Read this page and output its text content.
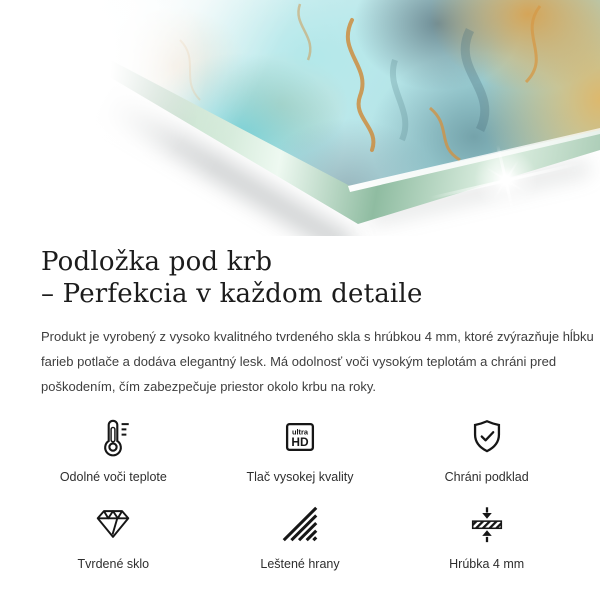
Podložka pod krb
– Perfekcia v každom detaile
Produkt je vyrobený z vysoko kvalitného tvrdeného skla s hrúbkou 4 mm, ktoré zvýrazňuje hĺbku
farieb potlače a dodáva elegantný lesk. Má odolnosť voči vysokým teplotám a chráni pred
poškodením, čím zabezpečuje priestor okolo krbu na roky.
Odolné voči teplote
ultra
HD
Tlač vysokej kvality	Chráni podklad
Tvrdené sklo	Leštené hrany	Hrúbka 4 mm
